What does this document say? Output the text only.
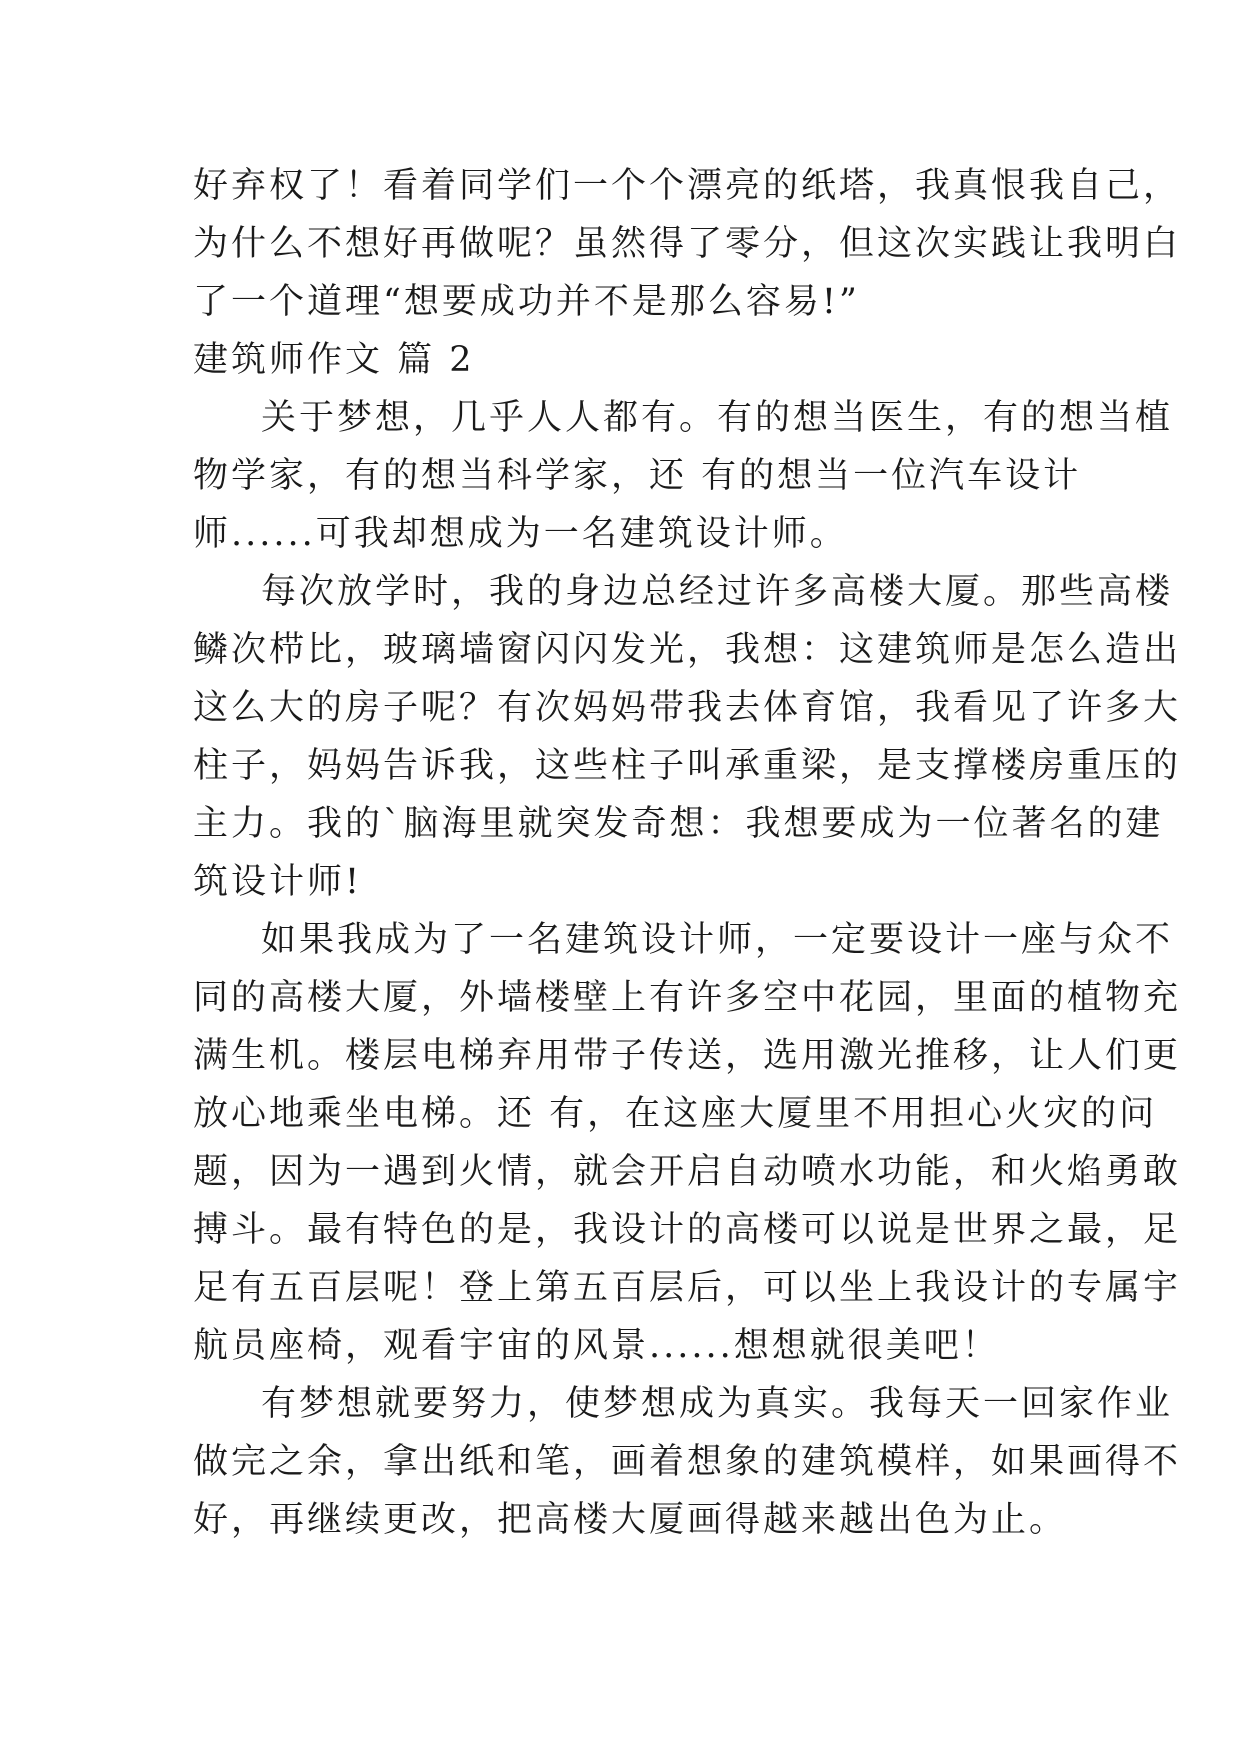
好弃权了！看着同学们一个个漂亮的纸塔，我真恨我自己，
为什么不想好再做呢？虽然得了零分，但这次实践让我明白
了一个道理“想要成功并不是那么容易!”
建筑师作文 篇 2
关于梦想，几乎人人都有。有的想当医生，有的想当植
物学家，有的想当科学家，还 有的想当一位汽车设计
师......可我却想成为一名建筑设计师。
每次放学时，我的身边总经过许多高楼大厦。那些高楼
鳞次栉比，玻璃墙窗闪闪发光，我想：这建筑师是怎么造出
这么大的房子呢？有次妈妈带我去体育馆，我看见了许多大
柱子，妈妈告诉我，这些柱子叫承重梁，是支撑楼房重压的
主力。我的`脑海里就突发奇想：我想要成为一位著名的建
筑设计师!
如果我成为了一名建筑设计师，一定要设计一座与众不
同的高楼大厦，外墙楼壁上有许多空中花园，里面的植物充
满生机。楼层电梯弃用带子传送，选用激光推移，让人们更
放心地乘坐电梯。还 有，在这座大厦里不用担心火灾的问
题，因为一遇到火情，就会开启自动喷水功能，和火焰勇敢
搏斗。最有特色的是，我设计的高楼可以说是世界之最，足
足有五百层呢！登上第五百层后，可以坐上我设计的专属宇
航员座椅，观看宇宙的风景......想想就很美吧！
有梦想就要努力，使梦想成为真实。我每天一回家作业
做完之余，拿出纸和笔，画着想象的建筑模样，如果画得不
好，再继续更改，把高楼大厦画得越来越出色为止。
